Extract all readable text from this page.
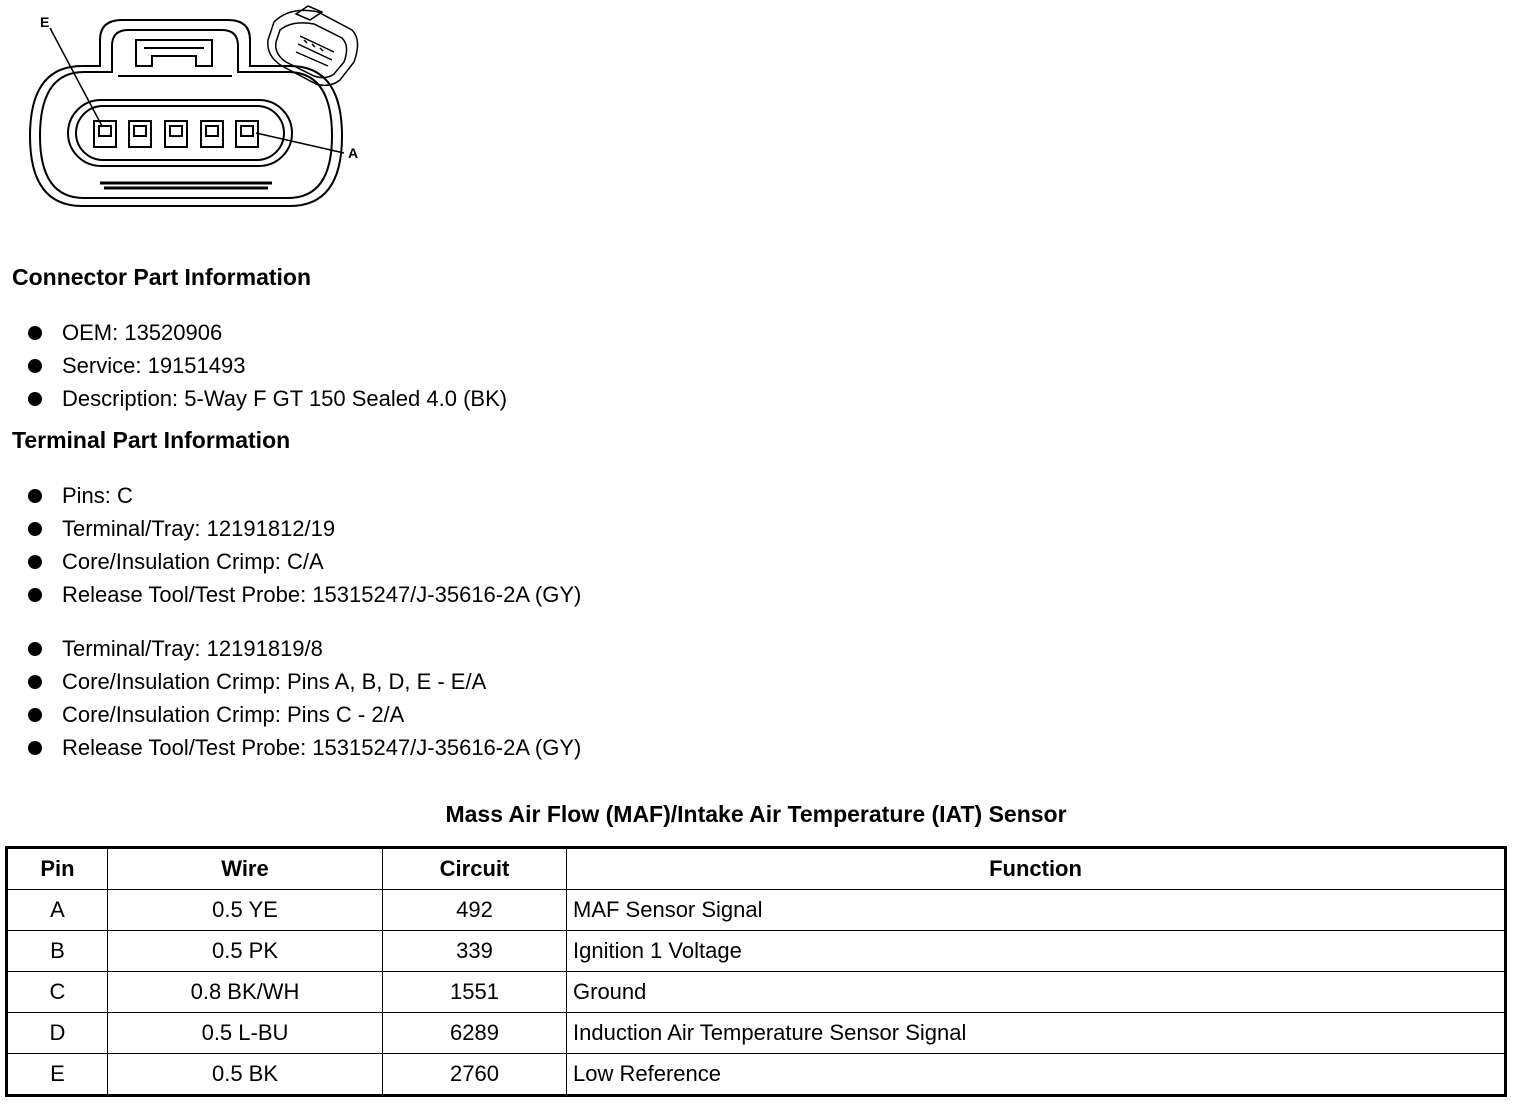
E
A
Connector Part Information
OEM: 13520906
Service: 19151493
Description: 5-Way F GT 150 Sealed 4.0 (BK)
Terminal Part Information
Pins: C
Terminal/Tray: 12191812/19
Core/Insulation Crimp: C/A
Release Tool/Test Probe: 15315247/J-35616-2A (GY)
Terminal/Tray: 12191819/8
Core/Insulation Crimp: Pins A, B, D, E - E/A
Core/Insulation Crimp: Pins C - 2/A
Release Tool/Test Probe: 15315247/J-35616-2A (GY)
Mass Air Flow (MAF)/Intake Air Temperature (IAT) Sensor
Pin	Wire	Circuit	Function
A	0.5 YE	492	MAF Sensor Signal
B	0.5 PK	339	Ignition 1 Voltage
C	0.8 BK/WH	1551	Ground
D	0.5 L-BU	6289	Induction Air Temperature Sensor Signal
E	0.5 BK	2760	Low Reference
